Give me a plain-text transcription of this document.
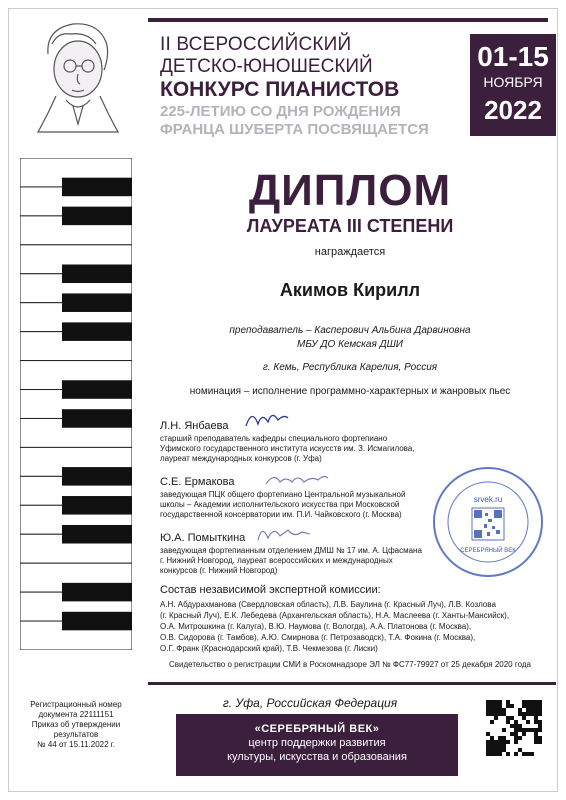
II ВСЕРОССИЙСКИЙ
ДЕТСКО-ЮНОШЕСКИЙ
КОНКУРС ПИАНИСТОВ
225-ЛЕТИЮ СО ДНЯ РОЖДЕНИЯ
ФРАНЦА ШУБЕРТА ПОСВЯЩАЕТСЯ
01-15
НОЯБРЯ
2022
ДИПЛОМ
ЛАУРЕАТА III СТЕПЕНИ
награждается
Акимов Кирилл
преподаватель – Касперович Альбина Дарвиновна
МБУ ДО Кемская ДШИ
г. Кемь, Республика Карелия, Россия
номинация – исполнение программно-характерных и жанровых пьес
Л.Н. Янбаева
старший преподаватель кафедры специального фортепиано
Уфимского государственного института искусств им. З. Исмагилова,
лауреат международных конкурсов (г. Уфа)
С.Е. Ермакова
заведующая ПЦК общего фортепиано Центральной музыкальной
школы – Академии исполнительского искусства при Московской
государственной консерватории им. П.И. Чайковского (г. Москва)
Ю.А. Помыткина
заведующая фортепианным отделением ДМШ № 17 им. А. Цфасмана
г. Нижний Новгород, лауреат всероссийских и международных
конкурсов (г. Нижний Новгород)
srvek.ru
СЕРЕБРЯНЫЙ ВЕК
Состав независимой экспертной комиссии:
А.Н. Абдурахманова (Свердловская область), Л.В. Баулина (г. Красный Луч), Л.В. Козлова
(г. Красный Луч), Е.К. Лебедева (Архангельская область), Н.А. Маслеева (г. Ханты-Мансийск),
О.А. Митрошкина (г. Калуга), В.Ю. Наумова (г. Вологда), А.А. Платонова (г. Москва),
О.В. Сидорова (г. Тамбов), А.Ю. Смирнова (г. Петрозаводск), Т.А. Фокина (г. Москва),
О.Г. Франк (Краснодарский край), Т.В. Чекмезова (г. Лиски)
Свидетельство о регистрации СМИ в Роскомнадзоре ЭЛ № ФС77-79927 от 25 декабря 2020 года
Регистрационный номер
документа 22111151
Приказ об утверждении
результатов
№ 44 от 15.11.2022 г.
г. Уфа, Российская Федерация
«СЕРЕБРЯНЫЙ ВЕК»
центр поддержки развития
культуры, искусства и образования
